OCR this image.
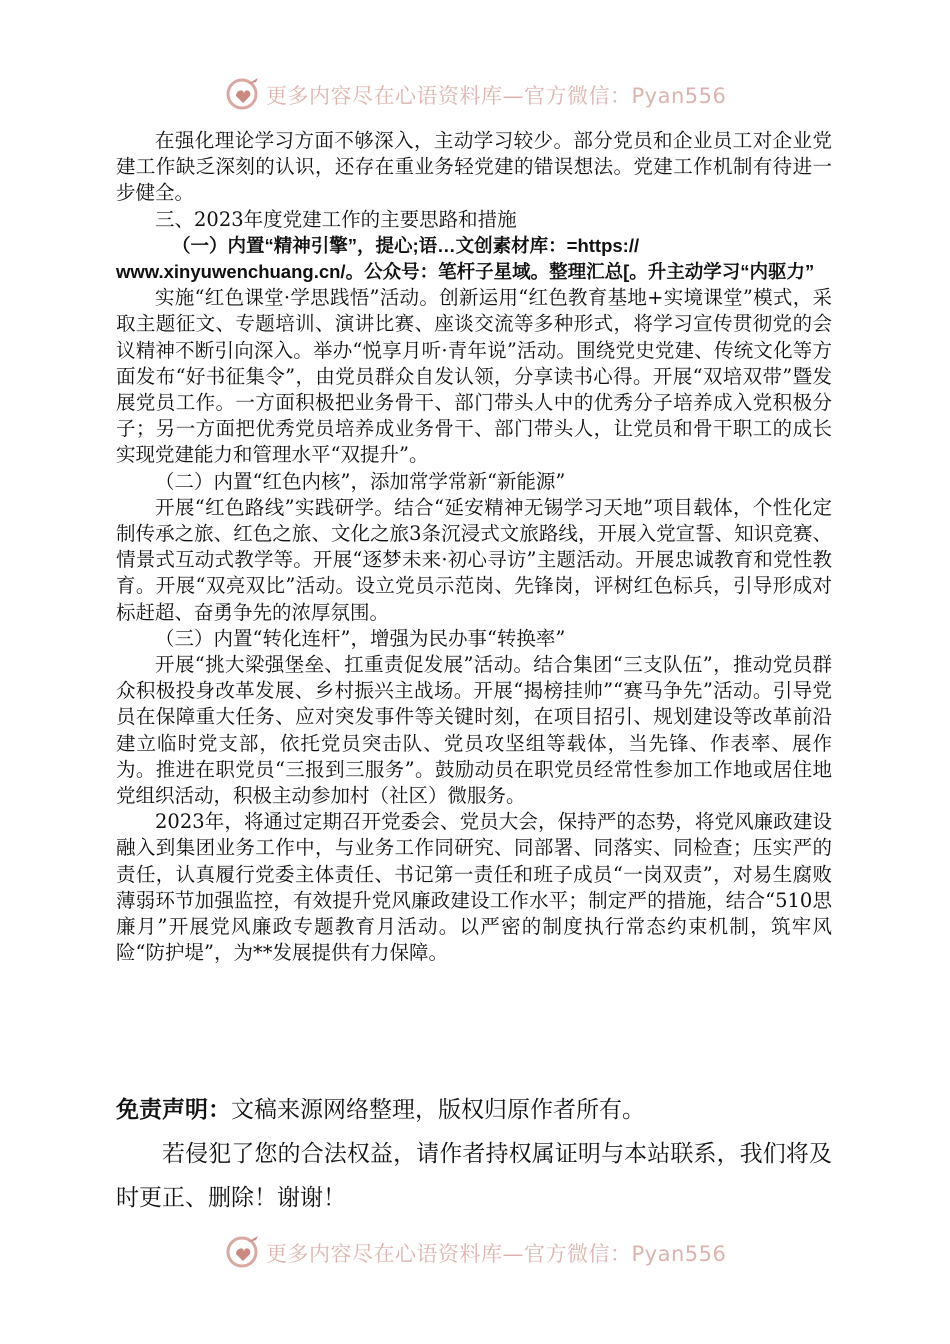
更多内容尽在心语资料库—官方微信：Pyan556

在强化理论学习方面不够深入，主动学习较少。部分党员和企业员工对企业党建工作缺乏深刻的认识，还存在重业务轻党建的错误想法。党建工作机制有待进一步健全。

三、2023年度党建工作的主要思路和措施

（一）内置“精神引擎”，提心;语…文创素材库：=https://

www.xinyuwenchuang.cn/。公众号：笔杆子星域。整理汇总[。升主动学习“内驱力”

实施“红色课堂·学思践悟”活动。创新运用“红色教育基地+实境课堂”模式，采取主题征文、专题培训、演讲比赛、座谈交流等多种形式，将学习宣传贯彻党的会议精神不断引向深入。举办“悦享月听·青年说”活动。围绕党史党建、传统文化等方面发布“好书征集令”，由党员群众自发认领，分享读书心得。开展“双培双带”暨发展党员工作。一方面积极把业务骨干、部门带头人中的优秀分子培养成入党积极分子；另一方面把优秀党员培养成业务骨干、部门带头人，让党员和骨干职工的成长实现党建能力和管理水平“双提升”。

（二）内置“红色内核”，添加常学常新“新能源”

开展“红色路线”实践研学。结合“延安精神无锡学习天地”项目载体，个性化定制传承之旅、红色之旅、文化之旅3条沉浸式文旅路线，开展入党宣誓、知识竞赛、情景式互动式教学等。开展“逐梦未来·初心寻访”主题活动。开展忠诚教育和党性教育。开展“双亮双比”活动。设立党员示范岗、先锋岗，评树红色标兵，引导形成对标赶超、奋勇争先的浓厚氛围。

（三）内置“转化连杆”，增强为民办事“转换率”

开展“挑大梁强堡垒、扛重责促发展”活动。结合集团“三支队伍”，推动党员群众积极投身改革发展、乡村振兴主战场。开展“揭榜挂帅”“赛马争先”活动。引导党员在保障重大任务、应对突发事件等关键时刻，在项目招引、规划建设等改革前沿建立临时党支部，依托党员突击队、党员攻坚组等载体，当先锋、作表率、展作为。推进在职党员“三报到三服务”。鼓励动员在职党员经常性参加工作地或居住地党组织活动，积极主动参加村（社区）微服务。

2023年，将通过定期召开党委会、党员大会，保持严的态势，将党风廉政建设融入到集团业务工作中，与业务工作同研究、同部署、同落实、同检查；压实严的责任，认真履行党委主体责任、书记第一责任和班子成员“一岗双责”，对易生腐败薄弱环节加强监控，有效提升党风廉政建设工作水平；制定严的措施，结合“510思廉月”开展党风廉政专题教育月活动。以严密的制度执行常态约束机制，筑牢风险“防护堤”，为**发展提供有力保障。

免责声明：文稿来源网络整理，版权归原作者所有。

若侵犯了您的合法权益，请作者持权属证明与本站联系，我们将及时更正、删除！谢谢！

更多内容尽在心语资料库—官方微信：Pyan556
